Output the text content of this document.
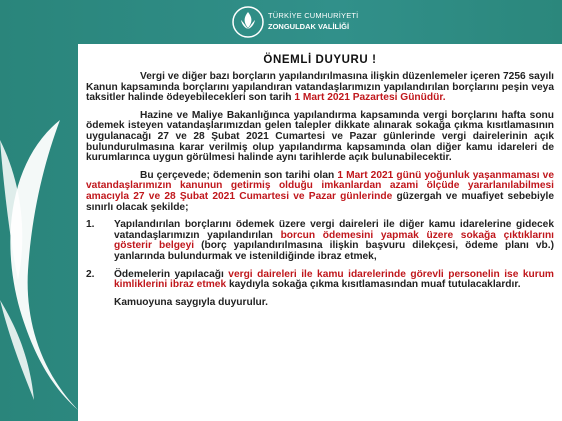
TÜRKİYE CUMHURİYETİ
ZONGULDAK VALİLİĞİ
ÖNEMLİ DUYURU !

Vergi ve diğer bazı borçların yapılandırılmasına ilişkin düzenlemeler içeren 7256 sayılı Kanun kapsamında borçlarını yapılandıran vatandaşlarımızın yapılandırılan borçlarını peşin veya taksitler halinde ödeyebilecekleri son tarih 1 Mart 2021 Pazartesi Günüdür.

Hazine ve Maliye Bakanlığınca yapılandırma kapsamında vergi borçlarını hafta sonu ödemek isteyen vatandaşlarımızdan gelen talepler dikkate alınarak sokağa çıkma kısıtlamasının uygulanacağı 27 ve 28 Şubat 2021 Cumartesi ve Pazar günlerinde vergi dairelerinin açık bulundurulmasına karar verilmiş olup yapılandırma kapsamında olan diğer kamu idareleri de kurumlarınca uygun görülmesi halinde aynı tarihlerde açık bulunabilecektir.

Bu çerçevede; ödemenin son tarihi olan 1 Mart 2021 günü yoğunluk yaşanmaması ve vatandaşlarımızın kanunun getirmiş olduğu imkanlardan azami ölçüde yararlanılabilmesi amacıyla 27 ve 28 Şubat 2021 Cumartesi ve Pazar günlerinde güzergah ve muafiyet sebebiyle sınırlı olacak şekilde;

1.	Yapılandırılan borçlarını ödemek üzere vergi daireleri ile diğer kamu idarelerine gidecek vatandaşlarımızın yapılandırılan borcun ödemesini yapmak üzere sokağa çıktıklarını gösterir belgeyi (borç yapılandırılmasına ilişkin başvuru dilekçesi, ödeme planı vb.) yanlarında bulundurmak ve istenildiğinde ibraz etmek,
2.	Ödemelerin yapılacağı vergi daireleri ile kamu idarelerinde görevli personelin ise kurum kimliklerini ibraz etmek kaydıyla sokağa çıkma kısıtlamasından muaf tutulacaklardır.
Kamuoyuna saygıyla duyurulur.
